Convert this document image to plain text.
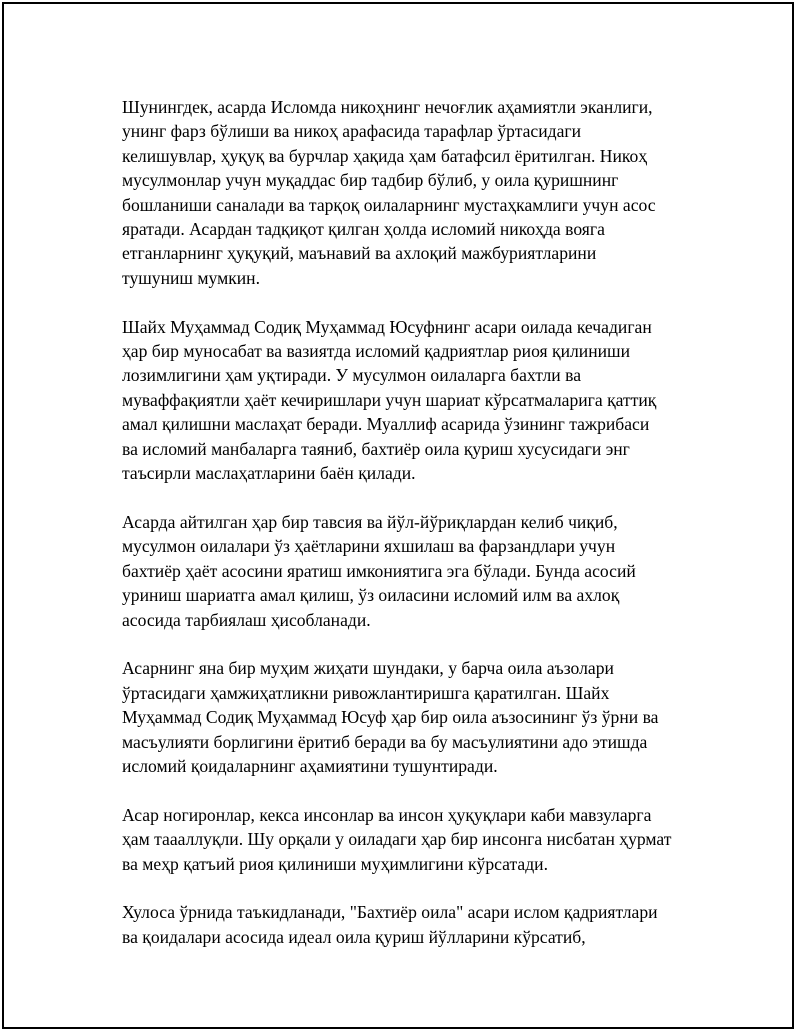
Шунингдек, асарда Исломда никоҳнинг нечоғлик аҳамиятли эканлиги,
унинг фарз бўлиши ва никоҳ арафасида тарафлар ўртасидаги
келишувлар, ҳуқуқ ва бурчлар ҳақида ҳам батафсил ёритилган. Никоҳ
мусулмонлар учун муқаддас бир тадбир бўлиб, у оила қуришнинг
бошланиши саналади ва тарқоқ оилаларнинг мустаҳкамлиги учун асос
яратади. Асардан тадқиқот қилган ҳолда исломий никоҳда вояга
етганларнинг ҳуқуқий, маънавий ва ахлоқий мажбуриятларини
тушуниш мумкин.

Шайх Муҳаммад Содиқ Муҳаммад Юсуфнинг асари оилада кечадиган
ҳар бир муносабат ва вазиятда исломий қадриятлар риоя қилиниши
лозимлигини ҳам уқтиради. У мусулмон оилаларга бахтли ва
муваффақиятли ҳаёт кечиришлари учун шариат кўрсатмаларига қаттиқ
амал қилишни маслаҳат беради. Муаллиф асарида ўзининг тажрибаси
ва исломий манбаларга таяниб, бахтиёр оила қуриш хусусидаги энг
таъсирли маслаҳатларини баён қилади.

Асарда айтилган ҳар бир тавсия ва йўл-йўриқлардан келиб чиқиб,
мусулмон оилалари ўз ҳаётларини яхшилаш ва фарзандлари учун
бахтиёр ҳаёт асосини яратиш имкониятига эга бўлади. Бунда асосий
уриниш шариатга амал қилиш, ўз оиласини исломий илм ва ахлоқ
асосида тарбиялаш ҳисобланади.

Асарнинг яна бир муҳим жиҳати шундаки, у барча оила аъзолари
ўртасидаги ҳамжиҳатликни ривожлантиришга қаратилган. Шайх
Муҳаммад Содиқ Муҳаммад Юсуф ҳар бир оила аъзосининг ўз ўрни ва
масъулияти борлигини ёритиб беради ва бу масъулиятини адо этишда
исломий қоидаларнинг аҳамиятини тушунтиради.

Асар ногиронлар, кекса инсонлар ва инсон ҳуқуқлари каби мавзуларга
ҳам таааллуқли. Шу орқали у оиладаги ҳар бир инсонга нисбатан ҳурмат
ва меҳр қатъий риоя қилиниши муҳимлигини кўрсатади.

Хулоса ўрнида таъкидланади, "Бахтиёр оила" асари ислом қадриятлари
ва қоидалари асосида идеал оила қуриш йўлларини кўрсатиб,
